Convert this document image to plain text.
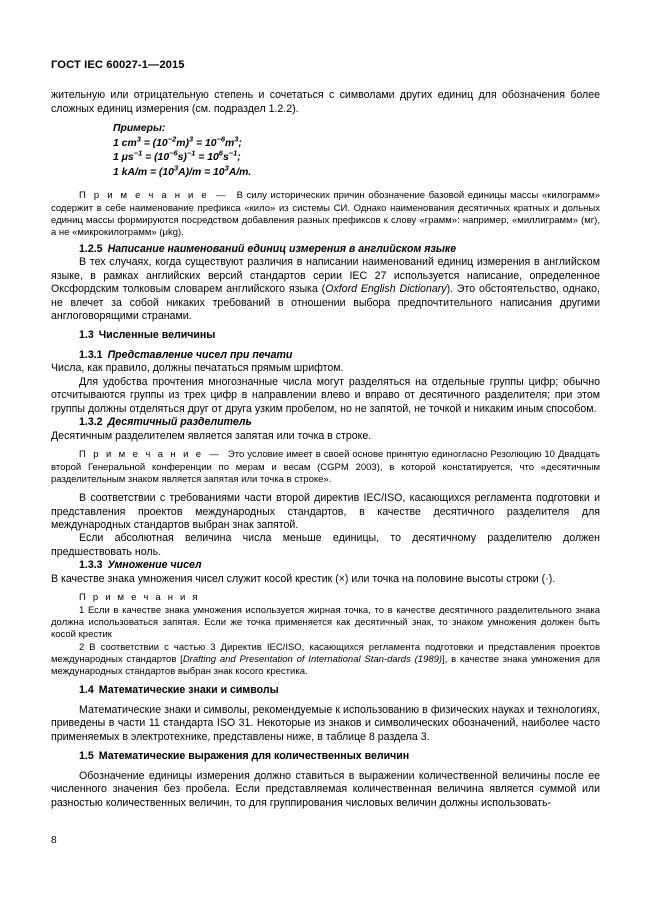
ГОСТ IEC 60027-1—2015

жительную или отрицательную степень и сочетаться с символами других единиц для обозначения более сложных единиц измерения (см. подраздел 1.2.2).

Примеры:
1 $cm^3 = (10^{-2}m)^3 = 10^{-6}m^3$;
1 $\mu s^{-1} = (10^{-6}s)^{-1} = 10^6s^{-1}$;
1 $kA/m = (10^3A)/m = 10^3A/m$.

П р и м е ч а н и е — В силу исторических причин обозначение базовой единицы массы «килограмм» содержит в себе наименование префикса «кило» из системы СИ. Однако наименования десятичных кратных и дольных единиц массы формируются посредством добавления разных префиксов к слову «грамм»: например, «миллиграмм» (мг), а не «микрокилограмм» (μkg).

1.2.5 Написание наименований единиц измерения в английском языке

В тех случаях, когда существуют различия в написании наименований единиц измерения в английском языке, в рамках английских версий стандартов серии IEC 27 используется написание, определенное Оксфордским толковым словарем английского языка (Oxford English Dictionary). Это обстоятельство, однако, не влечет за собой никаких требований в отношении выбора предпочтительного написания другими англоговорящими странами.

1.3 Численные величины
1.3.1 Представление чисел при печати

Числа, как правило, должны печататься прямым шрифтом.

Для удобства прочтения многозначные числа могут разделяться на отдельные группы цифр; обычно отсчитываются группы из трех цифр в направлении влево и вправо от десятичного разделителя; при этом группы должны отделяться друг от друга узким пробелом, но не запятой, не точкой и никаким иным способом.

1.3.2 Десятичный разделитель

Десятичным разделителем является запятая или точка в строке.

П р и м е ч а н и е — Это условие имеет в своей основе принятую единогласно Резолюцию 10 Двадцать второй Генеральной конференции по мерам и весам (CGPM 2003), в которой констатируется, что «десятичным разделительным знаком является запятая или точка в строке».

В соответствии с требованиями части второй директив IEC/ISO, касающихся регламента подготовки и представления проектов международных стандартов, в качестве десятичного разделителя для международных стандартов выбран знак запятой.

Если абсолютная величина числа меньше единицы, то десятичному разделителю должен предшествовать ноль.

1.3.3 Умножение чисел

В качестве знака умножения чисел служит косой крестик (×) или точка на половине высоты строки (·).

П р и м е ч а н и я

1 Если в качестве знака умножения используется жирная точка, то в качестве десятичного разделительного знака должна использоваться запятая. Если же точка применяется как десятичный знак, то знаком умножения должен быть косой крестик

2 В соответствии с частью 3 Директив IEC/ISO, касающихся регламента подготовки и представления проектов международных стандартов [Drafting and Presentation of International Stan-dards (1989)], в качестве знака умножения для международных стандартов выбран знак косого крестика.

1.4 Математические знаки и символы

Математические знаки и символы, рекомендуемые к использованию в физических науках и технологиях, приведены в части 11 стандарта ISO 31. Некоторые из знаков и символических обозначений, наиболее часто применяемых в электротехнике, представлены ниже, в таблице 8 раздела 3.

1.5 Математические выражения для количественных величин

Обозначение единицы измерения должно ставиться в выражении количественной величины после ее численного значения без пробела. Если представляемая количественная величина является суммой или разностью количественных величин, то для группирования числовых величин должны использовать-

8
